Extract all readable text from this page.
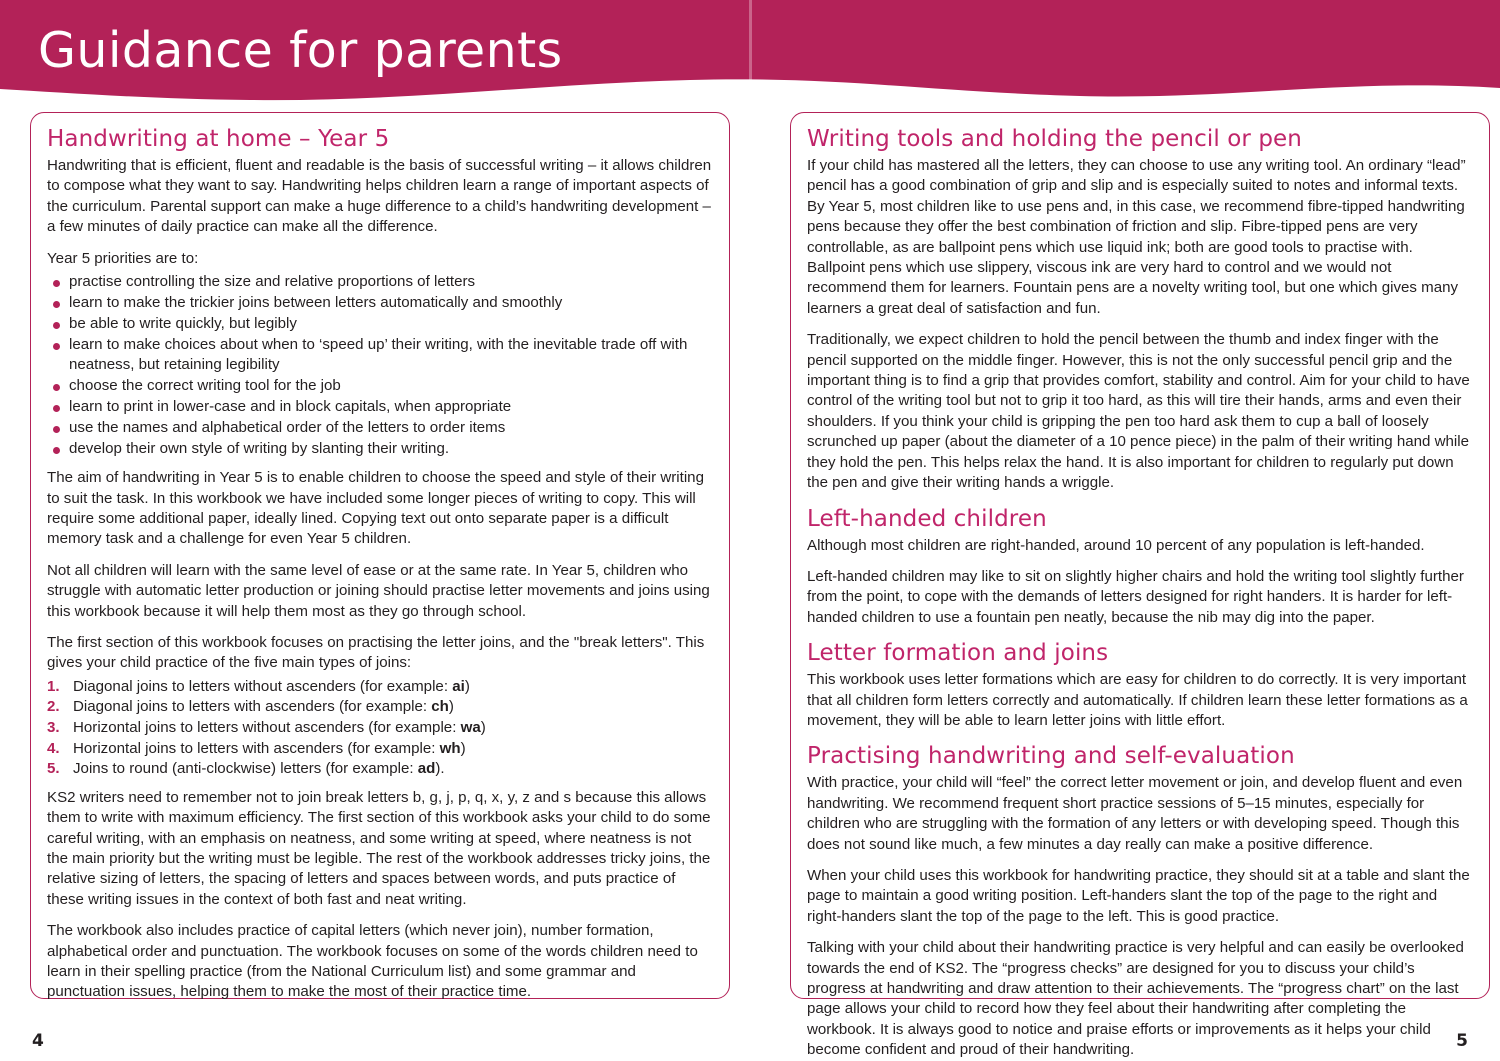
Guidance for parents
Handwriting at home – Year 5

Handwriting that is efficient, fluent and readable is the basis of successful writing – it allows children to compose what they want to say. Handwriting helps children learn a range of important aspects of the curriculum. Parental support can make a huge difference to a child’s handwriting development – a few minutes of daily practice can make all the difference.

Year 5 priorities are to:

practise controlling the size and relative proportions of letters
learn to make the trickier joins between letters automatically and smoothly
be able to write quickly, but legibly
learn to make choices about when to ‘speed up’ their writing, with the inevitable trade off with neatness, but retaining legibility
choose the correct writing tool for the job
learn to print in lower-case and in block capitals, when appropriate
use the names and alphabetical order of the letters to order items
develop their own style of writing by slanting their writing.

The aim of handwriting in Year 5 is to enable children to choose the speed and style of their writing to suit the task. In this workbook we have included some longer pieces of writing to copy. This will require some additional paper, ideally lined. Copying text out onto separate paper is a difficult memory task and a challenge for even Year 5 children.

Not all children will learn with the same level of ease or at the same rate. In Year 5, children who struggle with automatic letter production or joining should practise letter movements and joins using this workbook because it will help them most as they go through school.

The first section of this workbook focuses on practising the letter joins, and the "break letters". This gives your child practice of the five main types of joins:

1. Diagonal joins to letters without ascenders (for example: ai)
2. Diagonal joins to letters with ascenders (for example: ch)
3. Horizontal joins to letters without ascenders (for example: wa)
4. Horizontal joins to letters with ascenders (for example: wh)
5. Joins to round (anti-clockwise) letters (for example: ad).

KS2 writers need to remember not to join break letters b, g, j, p, q, x, y, z and s because this allows them to write with maximum efficiency. The first section of this workbook asks your child to do some careful writing, with an emphasis on neatness, and some writing at speed, where neatness is not the main priority but the writing must be legible. The rest of the workbook addresses tricky joins, the relative sizing of letters, the spacing of letters and spaces between words, and puts practice of these writing issues in the context of both fast and neat writing.

The workbook also includes practice of capital letters (which never join), number formation, alphabetical order and punctuation. The workbook focuses on some of the words children need to learn in their spelling practice (from the National Curriculum list) and some grammar and punctuation issues, helping them to make the most of their practice time.

Writing tools and holding the pencil or pen

If your child has mastered all the letters, they can choose to use any writing tool. An ordinary “lead” pencil has a good combination of grip and slip and is especially suited to notes and informal texts. By Year 5, most children like to use pens and, in this case, we recommend fibre-tipped handwriting pens because they offer the best combination of friction and slip. Fibre-tipped pens are very controllable, as are ballpoint pens which use liquid ink; both are good tools to practise with. Ballpoint pens which use slippery, viscous ink are very hard to control and we would not recommend them for learners. Fountain pens are a novelty writing tool, but one which gives many learners a great deal of satisfaction and fun.

Traditionally, we expect children to hold the pencil between the thumb and index finger with the pencil supported on the middle finger. However, this is not the only successful pencil grip and the important thing is to find a grip that provides comfort, stability and control. Aim for your child to have control of the writing tool but not to grip it too hard, as this will tire their hands, arms and even their shoulders. If you think your child is gripping the pen too hard ask them to cup a ball of loosely scrunched up paper (about the diameter of a 10 pence piece) in the palm of their writing hand while they hold the pen. This helps relax the hand. It is also important for children to regularly put down the pen and give their writing hands a wriggle.

Left-handed children

Although most children are right-handed, around 10 percent of any population is left-handed.

Left-handed children may like to sit on slightly higher chairs and hold the writing tool slightly further from the point, to cope with the demands of letters designed for right handers. It is harder for left-handed children to use a fountain pen neatly, because the nib may dig into the paper.

Letter formation and joins

This workbook uses letter formations which are easy for children to do correctly. It is very important that all children form letters correctly and automatically. If children learn these letter formations as a movement, they will be able to learn letter joins with little effort.

Practising handwriting and self-evaluation

With practice, your child will “feel” the correct letter movement or join, and develop fluent and even handwriting. We recommend frequent short practice sessions of 5–15 minutes, especially for children who are struggling with the formation of any letters or with developing speed. Though this does not sound like much, a few minutes a day really can make a positive difference.

When your child uses this workbook for handwriting practice, they should sit at a table and slant the page to maintain a good writing position. Left-handers slant the top of the page to the right and right-handers slant the top of the page to the left. This is good practice.

Talking with your child about their handwriting practice is very helpful and can easily be overlooked towards the end of KS2. The “progress checks” are designed for you to discuss your child’s progress at handwriting and draw attention to their achievements. The “progress chart” on the last page allows your child to record how they feel about their handwriting after completing the workbook. It is always good to notice and praise efforts or improvements as it helps your child become confident and proud of their handwriting.

4	5
